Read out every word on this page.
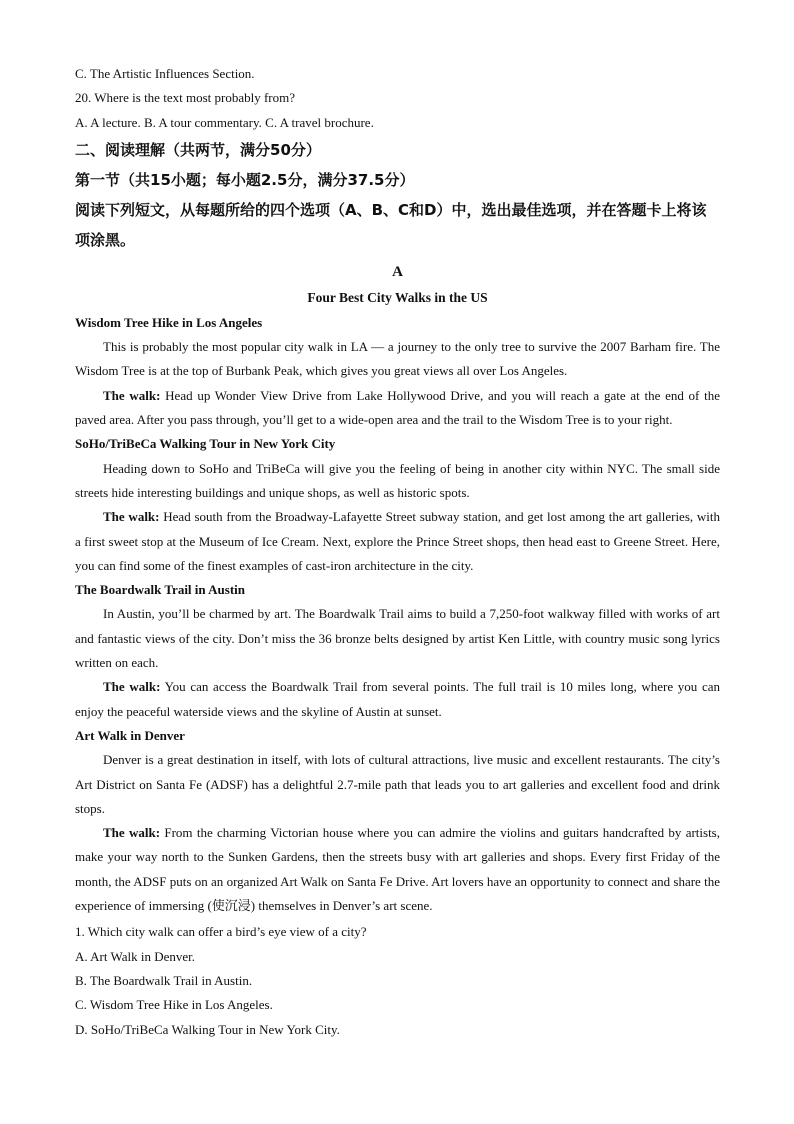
C. The Artistic Influences Section.

20. Where is the text most probably from?

A. A lecture. B. A tour commentary. C. A travel brochure.

二、阅读理解（共两节，满分50分）

第一节（共15小题；每小题2.5分，满分37.5分）

阅读下列短文，从每题所给的四个选项（A、B、C和D）中，选出最佳选项，并在答题卡上将该项涂黑。

A

Four Best City Walks in the US

Wisdom Tree Hike in Los Angeles

This is probably the most popular city walk in LA — a journey to the only tree to survive the 2007 Barham fire. The Wisdom Tree is at the top of Burbank Peak, which gives you great views all over Los Angeles.

The walk: Head up Wonder View Drive from Lake Hollywood Drive, and you will reach a gate at the end of the paved area. After you pass through, you’ll get to a wide-open area and the trail to the Wisdom Tree is to your right.

SoHo/TriBeCa Walking Tour in New York City

Heading down to SoHo and TriBeCa will give you the feeling of being in another city within NYC. The small side streets hide interesting buildings and unique shops, as well as historic spots.

The walk: Head south from the Broadway-Lafayette Street subway station, and get lost among the art galleries, with a first sweet stop at the Museum of Ice Cream. Next, explore the Prince Street shops, then head east to Greene Street. Here, you can find some of the finest examples of cast-iron architecture in the city.

The Boardwalk Trail in Austin

In Austin, you’ll be charmed by art. The Boardwalk Trail aims to build a 7,250-foot walkway filled with works of art and fantastic views of the city. Don’t miss the 36 bronze belts designed by artist Ken Little, with country music song lyrics written on each.

The walk: You can access the Boardwalk Trail from several points. The full trail is 10 miles long, where you can enjoy the peaceful waterside views and the skyline of Austin at sunset.

Art Walk in Denver

Denver is a great destination in itself, with lots of cultural attractions, live music and excellent restaurants. The city’s Art District on Santa Fe (ADSF) has a delightful 2.7-mile path that leads you to art galleries and excellent food and drink stops.

The walk: From the charming Victorian house where you can admire the violins and guitars handcrafted by artists, make your way north to the Sunken Gardens, then the streets busy with art galleries and shops. Every first Friday of the month, the ADSF puts on an organized Art Walk on Santa Fe Drive. Art lovers have an opportunity to connect and share the experience of immersing (使沉浸) themselves in Denver’s art scene.

1. Which city walk can offer a bird’s eye view of a city?

A. Art Walk in Denver.

B. The Boardwalk Trail in Austin.

C. Wisdom Tree Hike in Los Angeles.

D. SoHo/TriBeCa Walking Tour in New York City.
